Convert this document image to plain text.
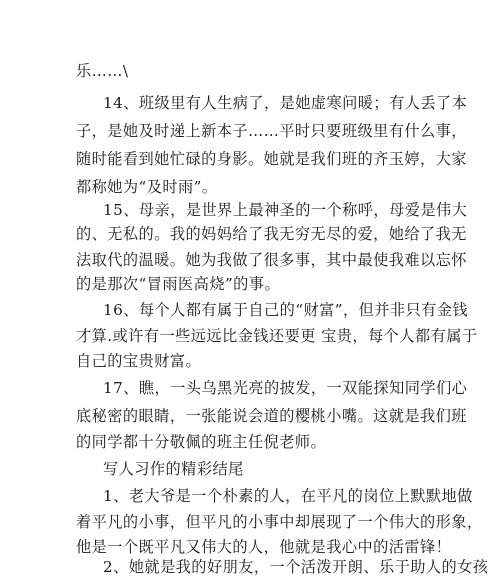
乐……\
14、班级里有人生病了，是她虚寒问暖；有人丢了本
子，是她及时递上新本子……平时只要班级里有什么事，
随时能看到她忙碌的身影。她就是我们班的齐玉婷，大家
都称她为“及时雨”。
15、母亲，是世界上最神圣的一个称呼，母爱是伟大
的、无私的。我的妈妈给了我无穷无尽的爱，她给了我无
法取代的温暖。她为我做了很多事，其中最使我难以忘怀
的是那次“冒雨医高烧”的事。
16、每个人都有属于自己的“财富”，但并非只有金钱
才算.或许有一些远远比金钱还要更 宝贵，每个人都有属于
自己的宝贵财富。
17、瞧，一头乌黑光亮的披发，一双能探知同学们心
底秘密的眼睛，一张能说会道的樱桃小嘴。这就是我们班
的同学都十分敬佩的班主任倪老师。
写人习作的精彩结尾
1、老大爷是一个朴素的人，在平凡的岗位上默默地做
着平凡的小事，但平凡的小事中却展现了一个伟大的形象，
他是一个既平凡又伟大的人，他就是我心中的活雷锋！
2、她就是我的好朋友，一个活泼开朗、乐于助人的女孩
